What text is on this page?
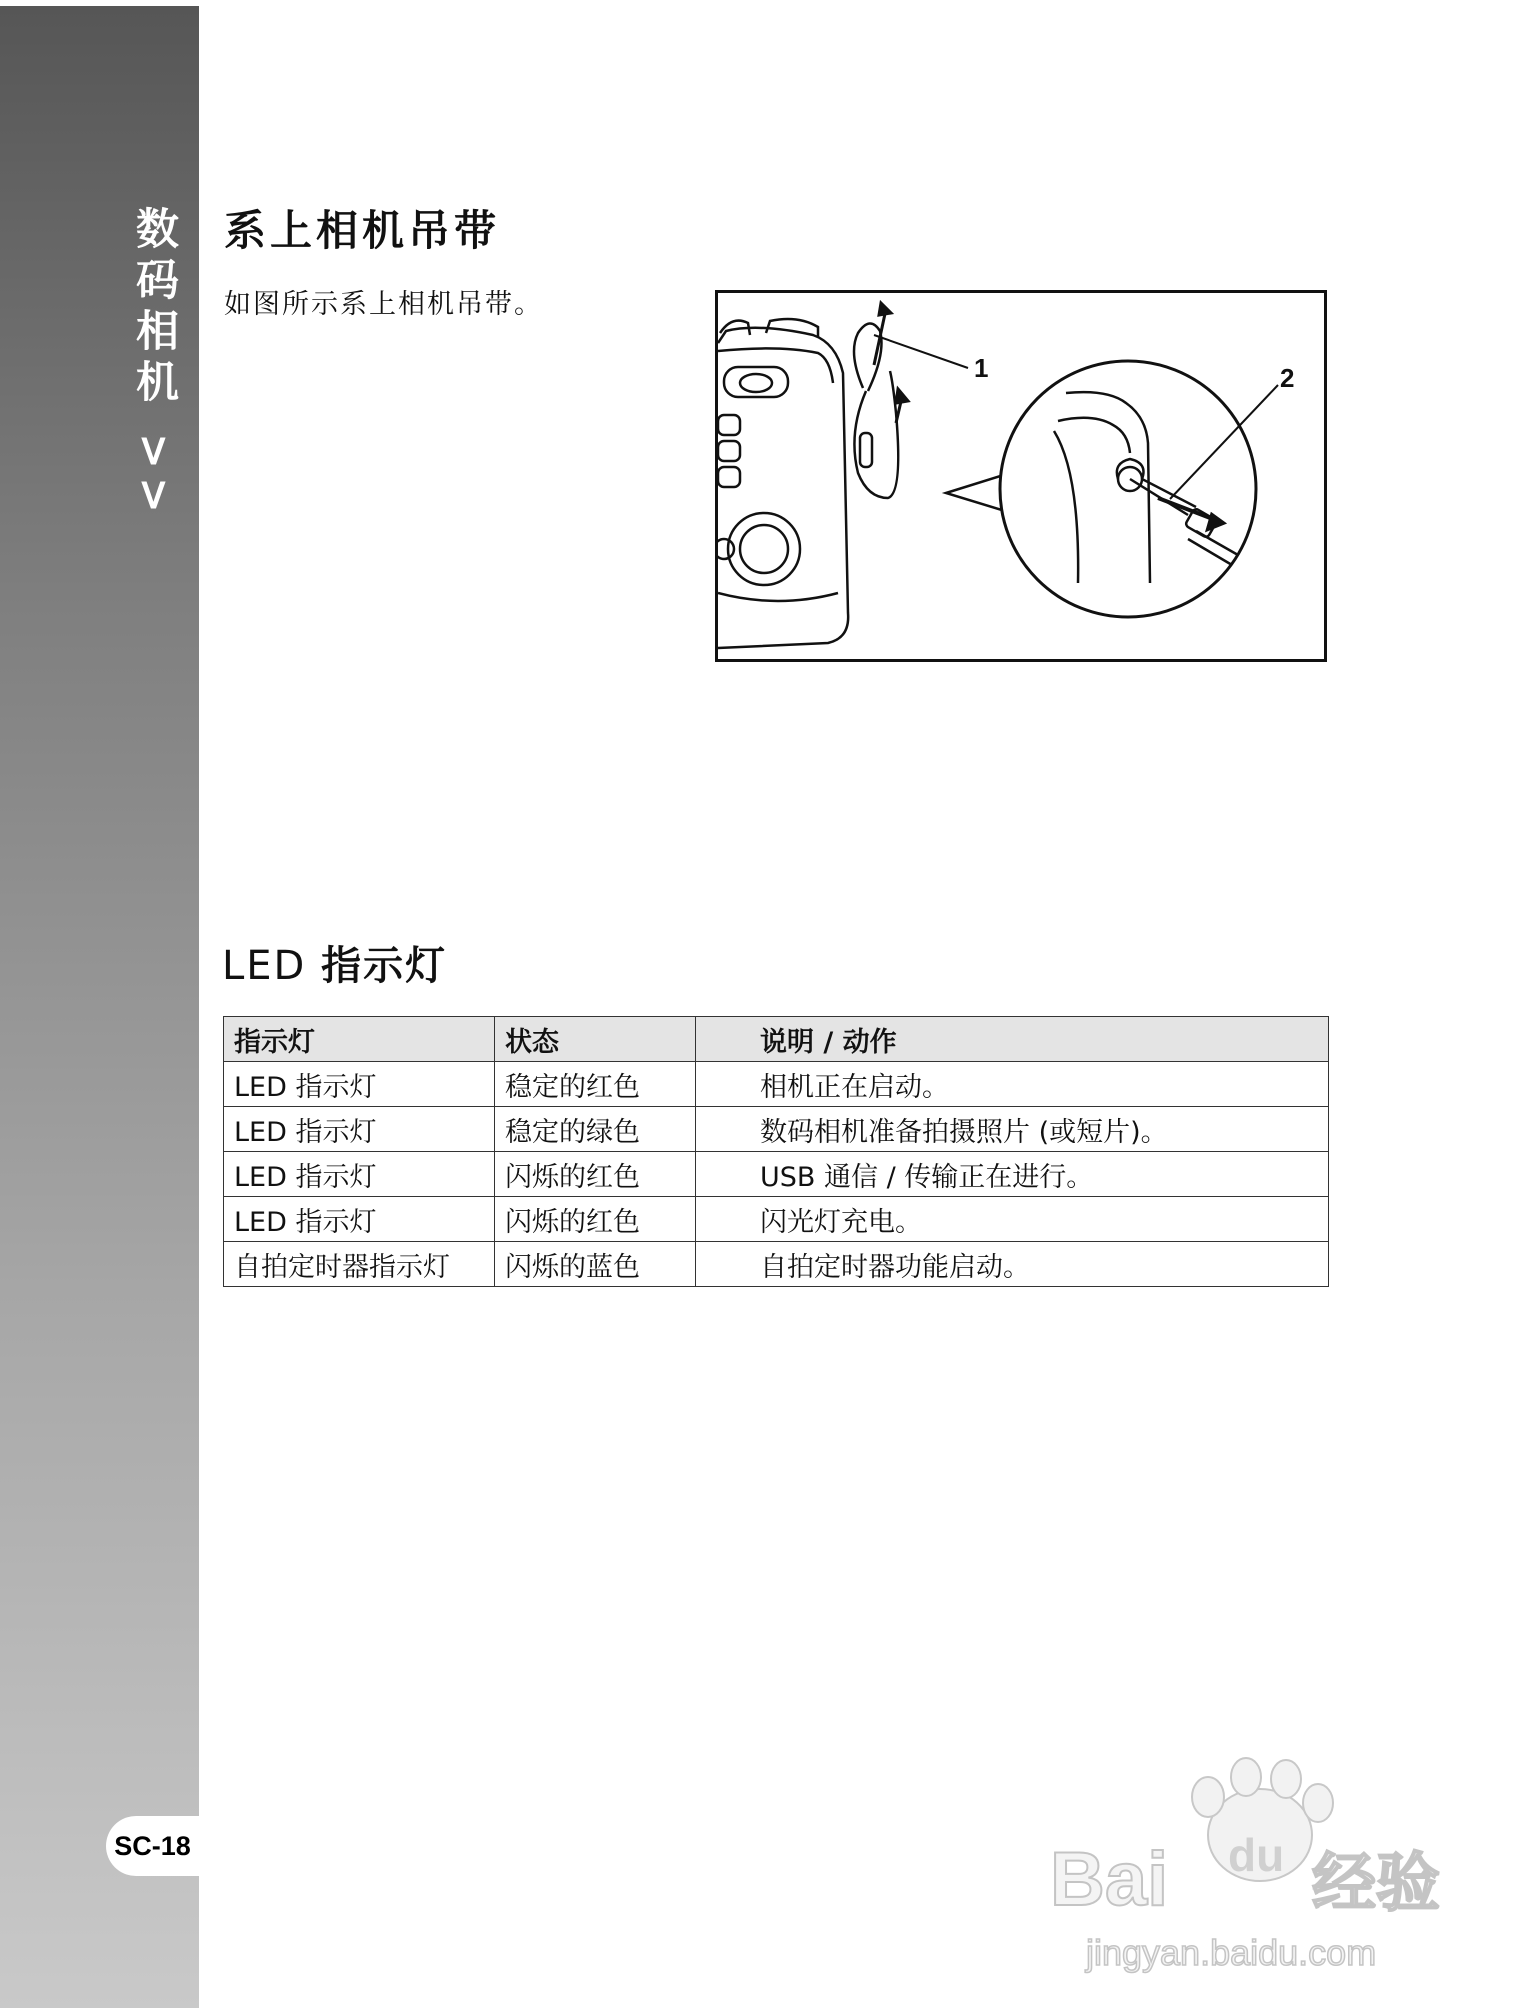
数码相机 >>
SC-18
系上相机吊带

如图所示系上相机吊带。

1	2
LED 指示灯
指示灯	状态	说明 / 动作
LED 指示灯	稳定的红色	相机正在启动。
LED 指示灯	稳定的绿色	数码相机准备拍摄照片 (或短片)。
LED 指示灯	闪烁的红色	USB 通信 / 传输正在进行。
LED 指示灯	闪烁的红色	闪光灯充电。
自拍定时器指示灯	闪烁的蓝色	自拍定时器功能启动。
Bai du 经验
jingyan.baidu.com
